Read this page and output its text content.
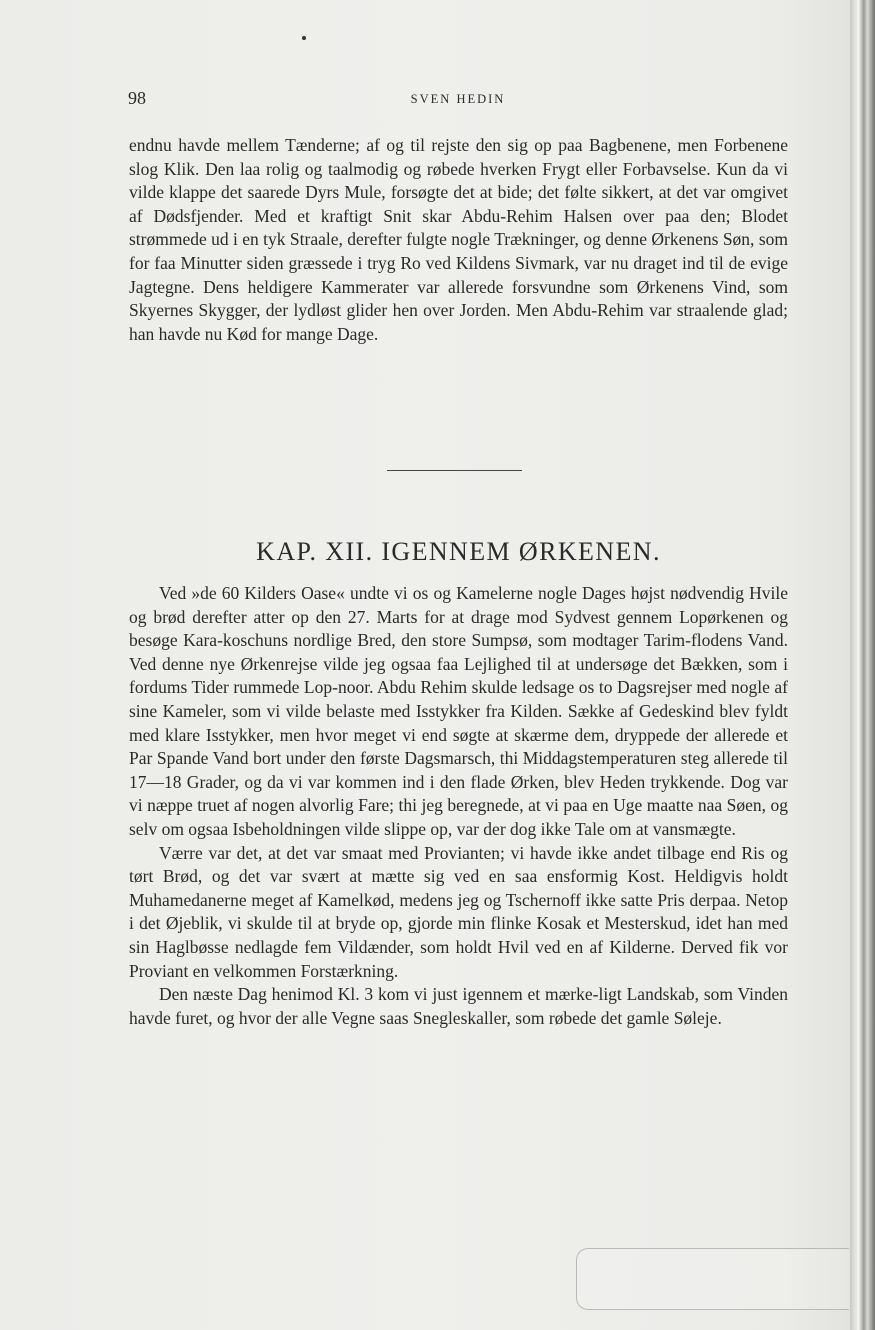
98	SVEN HEDIN

endnu havde mellem Tænderne; af og til rejste den sig op paa Bagbenene, men Forbenene slog Klik. Den laa rolig og taalmodig og røbede hverken Frygt eller Forbavselse. Kun da vi vilde klappe det saarede Dyrs Mule, forsøgte det at bide; det følte sikkert, at det var omgivet af Dødsfjender. Med et kraftigt Snit skar Abdu-Rehim Halsen over paa den; Blodet strømmede ud i en tyk Straale, derefter fulgte nogle Trækninger, og denne Ørkenens Søn, som for faa Minutter siden græssede i tryg Ro ved Kildens Sivmark, var nu draget ind til de evige Jagtegne. Dens heldigere Kammerater var allerede forsvundne som Ørkenens Vind, som Skyernes Skygger, der lydløst glider hen over Jorden. Men Abdu-Rehim var straalende glad; han havde nu Kød for mange Dage.

KAP. XII. IGENNEM ØRKENEN.

Ved »de 60 Kilders Oase« undte vi os og Kamelerne nogle Dages højst nødvendig Hvile og brød derefter atter op den 27. Marts for at drage mod Sydvest gennem Lopørkenen og besøge Kara-koschuns nordlige Bred, den store Sumpsø, som modtager Tarim-flodens Vand. Ved denne nye Ørkenrejse vilde jeg ogsaa faa Lejlighed til at undersøge det Bækken, som i fordums Tider rummede Lop-noor. Abdu Rehim skulde ledsage os to Dagsrejser med nogle af sine Kameler, som vi vilde belaste med Isstykker fra Kilden. Sække af Gedeskind blev fyldt med klare Isstykker, men hvor meget vi end søgte at skærme dem, dryppede der allerede et Par Spande Vand bort under den første Dagsmarsch, thi Middagstemperaturen steg allerede til 17—18 Grader, og da vi var kommen ind i den flade Ørken, blev Heden trykkende. Dog var vi næppe truet af nogen alvorlig Fare; thi jeg beregnede, at vi paa en Uge maatte naa Søen, og selv om ogsaa Isbeholdningen vilde slippe op, var der dog ikke Tale om at vansmægte.

Værre var det, at det var smaat med Provianten; vi havde ikke andet tilbage end Ris og tørt Brød, og det var svært at mætte sig ved en saa ensformig Kost. Heldigvis holdt Muhamedanerne meget af Kamelkød, medens jeg og Tschernoff ikke satte Pris derpaa. Netop i det Øjeblik, vi skulde til at bryde op, gjorde min flinke Kosak et Mesterskud, idet han med sin Haglbøsse nedlagde fem Vildænder, som holdt Hvil ved en af Kilderne. Derved fik vor Proviant en velkommen Forstærkning.

Den næste Dag henimod Kl. 3 kom vi just igennem et mærke-ligt Landskab, som Vinden havde furet, og hvor der alle Vegne saas Snegleskaller, som røbede det gamle Søleje.
